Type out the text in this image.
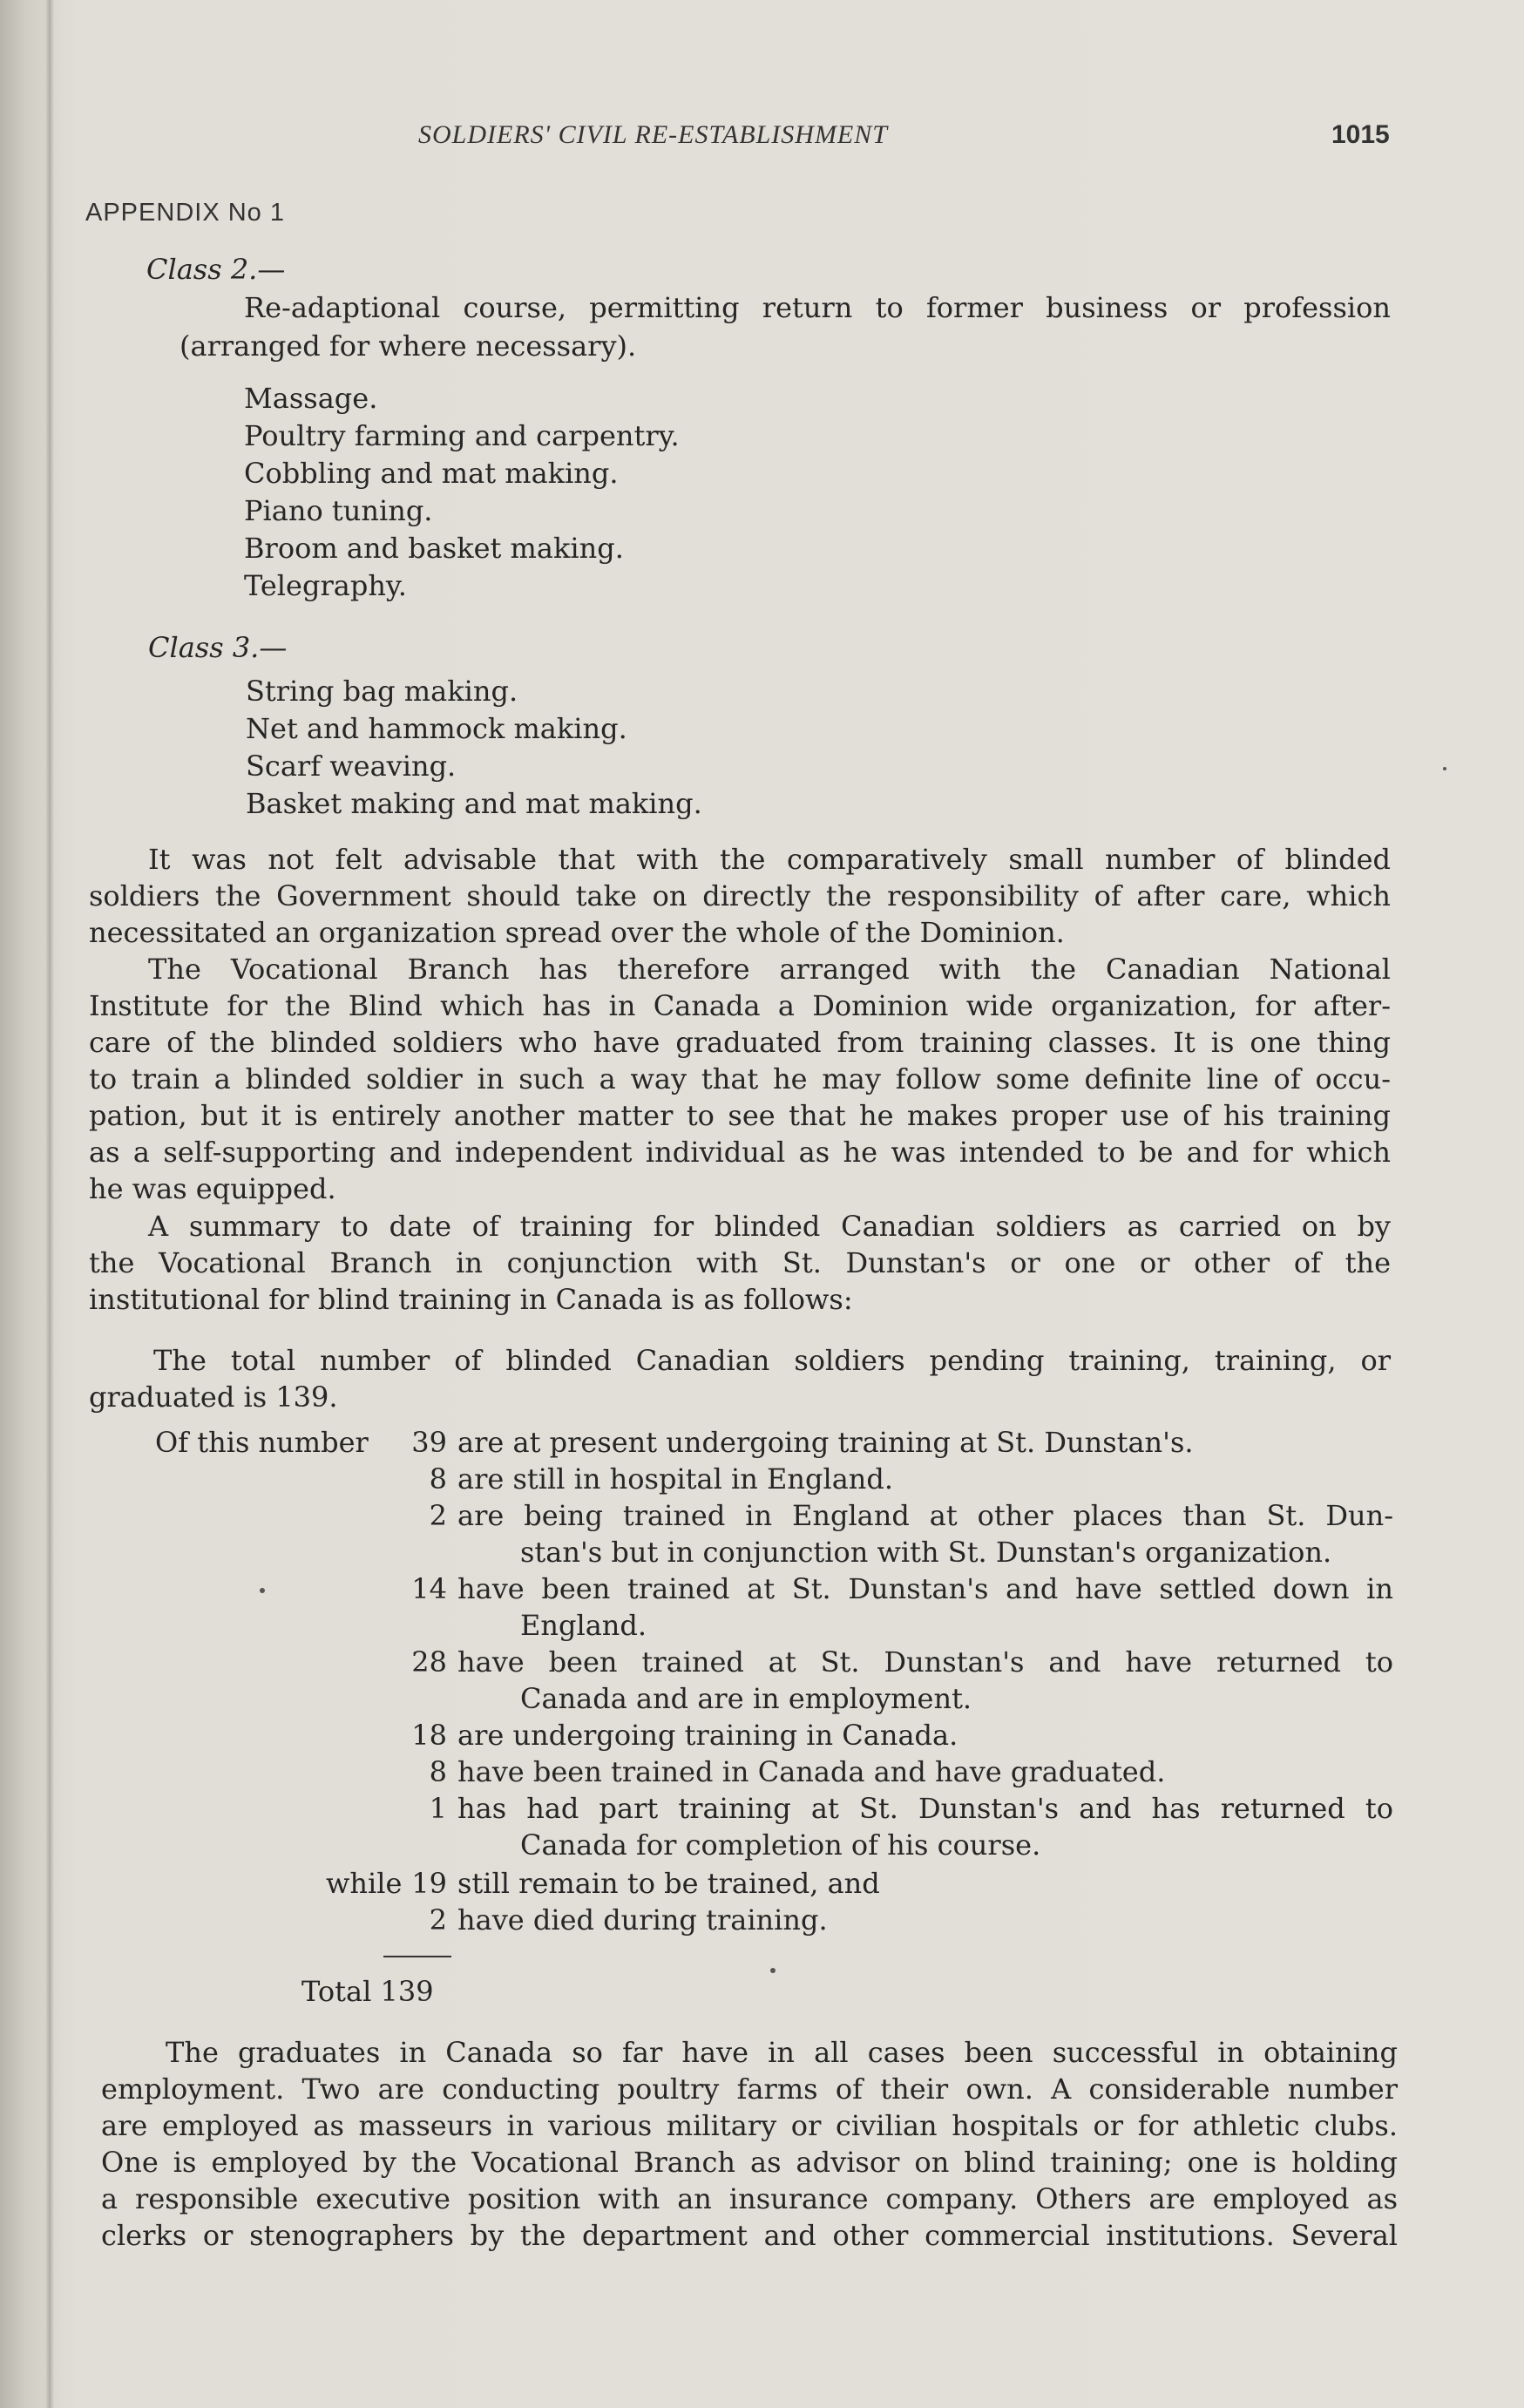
SOLDIERS' CIVIL RE-ESTABLISHMENT	1015
APPENDIX No 1
Class 2.—
Re-adaptional course, permitting return to former business or profession
(arranged for where necessary).
Massage.
Poultry farming and carpentry.
Cobbling and mat making.
Piano tuning.
Broom and basket making.
Telegraphy.
Class 3.—
String bag making.
Net and hammock making.
Scarf weaving.
Basket making and mat making.
It was not felt advisable that with the comparatively small number of blinded
soldiers the Government should take on directly the responsibility of after care, which
necessitated an organization spread over the whole of the Dominion.
The Vocational Branch has therefore arranged with the Canadian National
Institute for the Blind which has in Canada a Dominion wide organization, for after-
care of the blinded soldiers who have graduated from training classes. It is one thing
to train a blinded soldier in such a way that he may follow some definite line of occu-
pation, but it is entirely another matter to see that he makes proper use of his training
as a self-supporting and independent individual as he was intended to be and for which
he was equipped.
A summary to date of training for blinded Canadian soldiers as carried on by
the Vocational Branch in conjunction with St. Dunstan's or one or other of the
institutional for blind training in Canada is as follows:
The total number of blinded Canadian soldiers pending training, training, or
graduated is 139.
Of this number
while
39 are at present undergoing training at St. Dunstan's.
8 are still in hospital in England.
2 are being trained in England at other places than St. Dun-
stan's but in conjunction with St. Dunstan's organization.
14 have been trained at St. Dunstan's and have settled down in
England.
28 have been trained at St. Dunstan's and have returned to
Canada and are in employment.
18 are undergoing training in Canada.
8 have been trained in Canada and have graduated.
1 has had part training at St. Dunstan's and has returned to
Canada for completion of his course.
19 still remain to be trained, and
2 have died during training.
Total 139
The graduates in Canada so far have in all cases been successful in obtaining
employment. Two are conducting poultry farms of their own. A considerable number
are employed as masseurs in various military or civilian hospitals or for athletic clubs.
One is employed by the Vocational Branch as advisor on blind training; one is holding
a responsible executive position with an insurance company. Others are employed as
clerks or stenographers by the department and other commercial institutions. Several
